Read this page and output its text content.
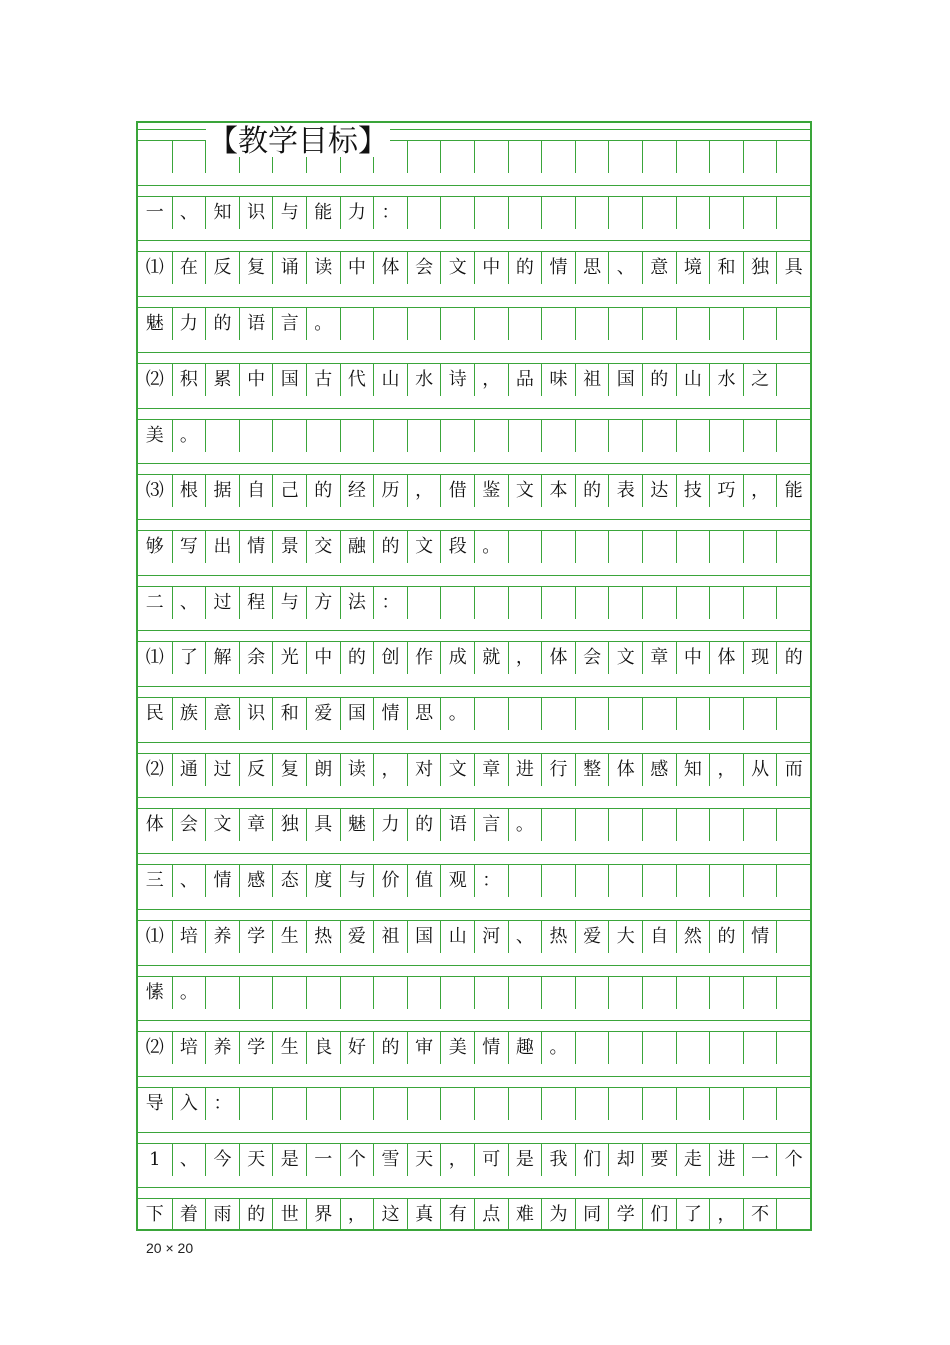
一 、 知 识 与 能 力 ：
⑴ 在 反 复 诵 读 中 体 会 文 中 的 情 思 、 意 境 和 独 具
魅 力 的 语 言 。
⑵ 积 累 中 国 古 代 山 水 诗 ， 品 味 祖 国 的 山 水 之
美 。
⑶ 根 据 自 己 的 经 历 ， 借 鉴 文 本 的 表 达 技 巧 ， 能
够 写 出 情 景 交 融 的 文 段 。
二 、 过 程 与 方 法 ：
⑴ 了 解 余 光 中 的 创 作 成 就 ， 体 会 文 章 中 体 现 的
民 族 意 识 和 爱 国 情 思 。
⑵ 通 过 反 复 朗 读 ， 对 文 章 进 行 整 体 感 知 ， 从 而
体 会 文 章 独 具 魅 力 的 语 言 。
三 、 情 感 态 度 与 价 值 观 ：
⑴ 培 养 学 生 热 爱 祖 国 山 河 、 热 爱 大 自 然 的 情
愫 。
⑵ 培 养 学 生 良 好 的 审 美 情 趣 。
导 入 ：
1	、 今 天 是 一 个 雪 天 ， 可 是 我 们 却 要 走 进 一 个
下 着 雨 的 世 界 ， 这 真 有 点 难 为 同 学 们 了 ， 不
【教学目标】
20 × 20
